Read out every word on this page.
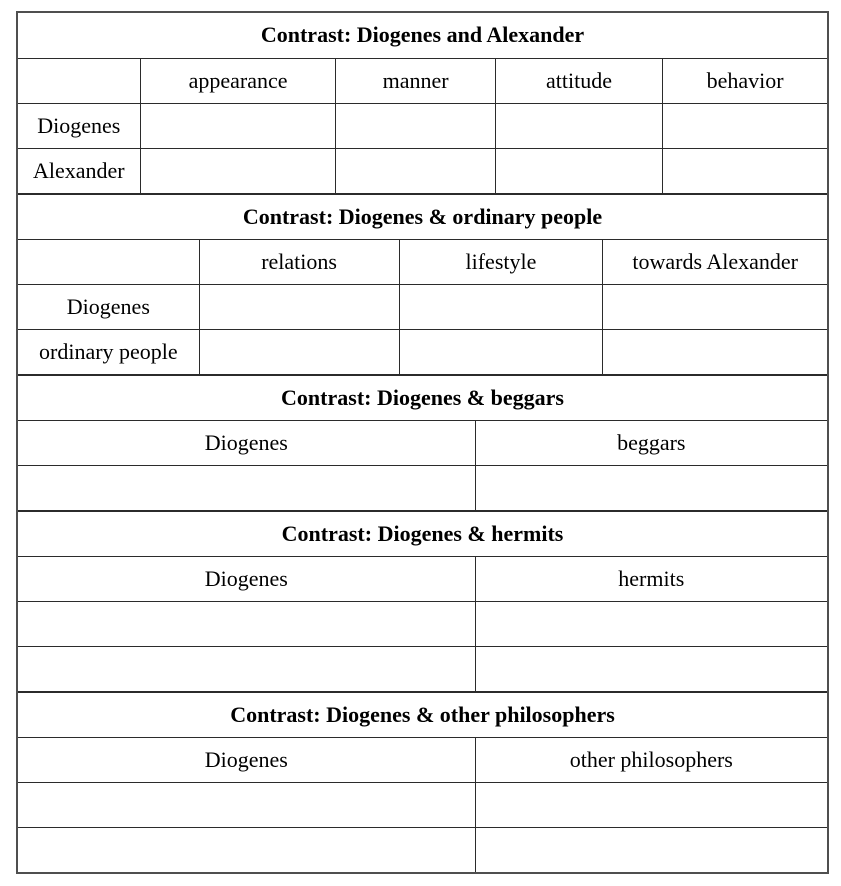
Contrast: Diogenes and Alexander				
	appearance	manner	attitude	behavior
Diogenes				
Alexander				
Contrast: Diogenes & ordinary people			
	relations	lifestyle	towards Alexander
Diogenes			
ordinary people			
Contrast: Diogenes & beggars	
Diogenes	beggars

Contrast: Diogenes & hermits	
Diogenes	hermits

Contrast: Diogenes & other philosophers	
Diogenes	other philosophers
